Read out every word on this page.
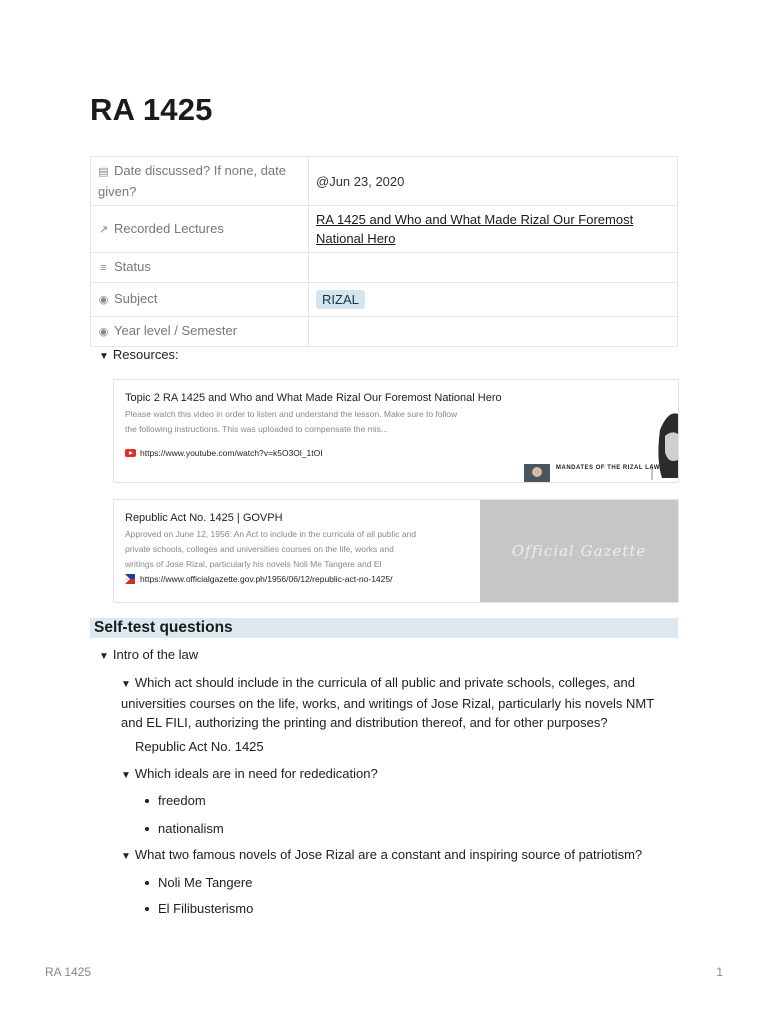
RA 1425
▤ Date discussed? If none, date given?	@Jun 23, 2020
↗ Recorded Lectures	RA 1425 and Who and What Made Rizal Our Foremost National Hero
≡ Status	
◉ Subject	RIZAL
◉ Year level / Semester	
▼ Resources:
Topic 2 RA 1425 and Who and What Made Rizal Our Foremost National Hero
Please watch this video in order to listen and understand the lesson. Make sure to follow
the following instructions. This was uploaded to compensate the mis...
https://www.youtube.com/watch?v=k5O3Ol_1tOI
MANDATES OF THE RIZAL LAW
Republic Act No. 1425 | GOVPH
Approved on June 12, 1956: An Act to include in the curricula of all public and
private schools, colleges and universities courses on the life, works and
writings of Jose Rizal, particularly his novels Noli Me Tangere and El
https://www.officialgazette.gov.ph/1956/06/12/republic-act-no-1425/
Official Gazette
Self-test questions
▼ Intro of the law
▼ Which act should include in the curricula of all public and private schools, colleges, and
universities courses on the life, works, and writings of Jose Rizal, particularly his novels NMT
and EL FILI, authorizing the printing and distribution thereof, and for other purposes?
Republic Act No. 1425
▼ Which ideals are in need for rededication?
freedom
nationalism
▼ What two famous novels of Jose Rizal are a constant and inspiring source of patriotism?
Noli Me Tangere
El Filibusterismo
RA 1425	1
